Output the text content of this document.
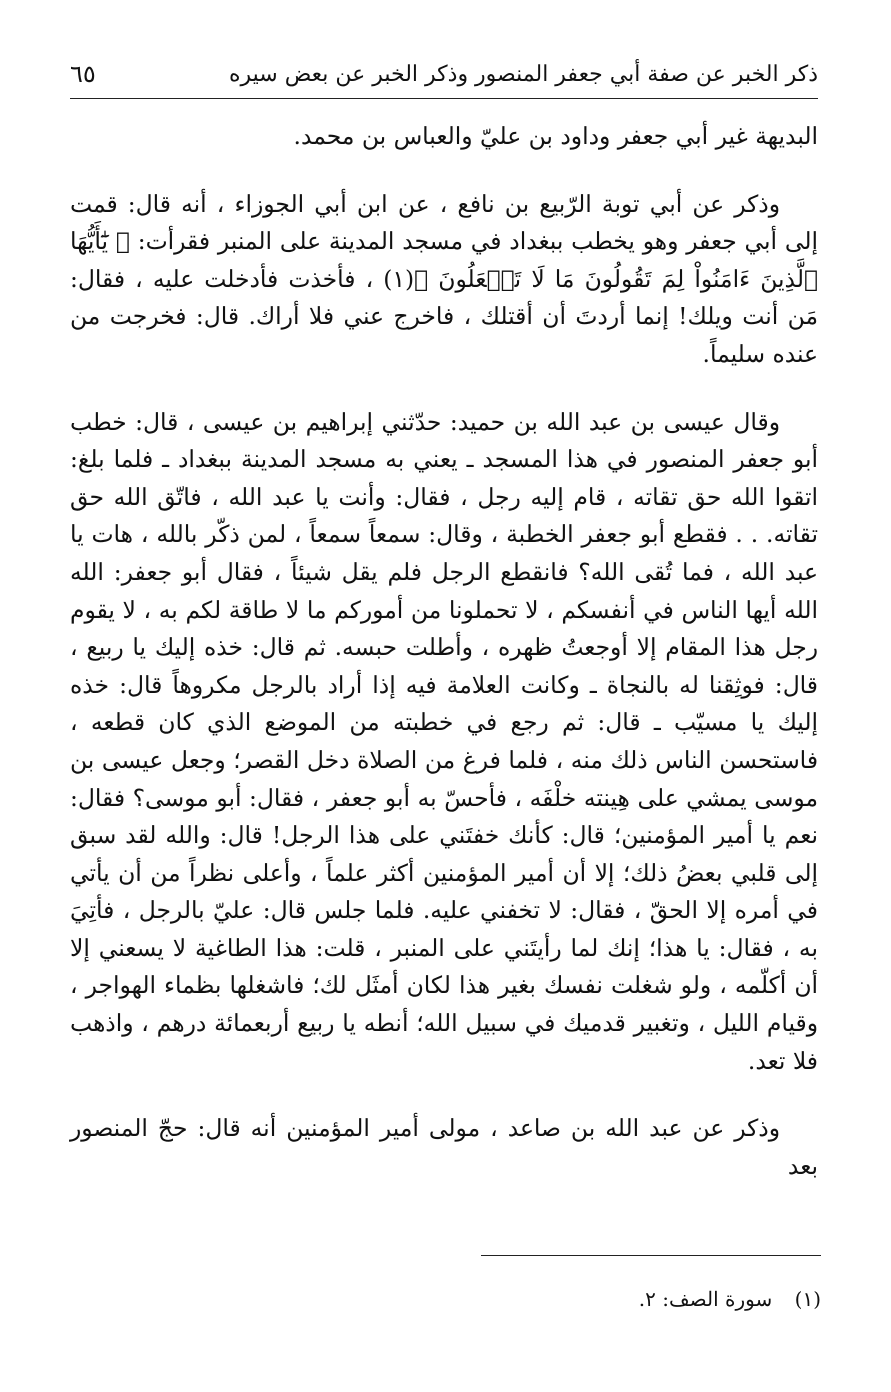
ذكر الخبر عن صفة أبي جعفر المنصور وذكر الخبر عن بعض سيره
٦٥

البديهة غير أبي جعفر وداود بن عليّ والعباس بن محمد.

وذكر عن أبي توبة الرّبيع بن نافع ، عن ابن أبي الجوزاء ، أنه قال: قمت إلى أبي جعفر وهو يخطب ببغداد في مسجد المدينة على المنبر فقرأت: ﴿ يَٰٓأَيُّهَا ٱلَّذِينَ ءَامَنُواْ لِمَ تَقُولُونَ مَا لَا تَفۡعَلُونَ ﴾(١) ، فأخذت فأدخلت عليه ، فقال: مَن أنت ويلك! إنما أردتَ أن أقتلك ، فاخرج عني فلا أراك. قال: فخرجت من عنده سليماً.

وقال عيسى بن عبد الله بن حميد: حدّثني إبراهيم بن عيسى ، قال: خطب أبو جعفر المنصور في هذا المسجد ـ يعني به مسجد المدينة ببغداد ـ فلما بلغ: اتقوا الله حق تقاته ، قام إليه رجل ، فقال: وأنت يا عبد الله ، فاتّق الله حق تقاته. . . فقطع أبو جعفر الخطبة ، وقال: سمعاً سمعاً ، لمن ذكّر بالله ، هات يا عبد الله ، فما تُقى الله؟ فانقطع الرجل فلم يقل شيئاً ، فقال أبو جعفر: الله الله أيها الناس في أنفسكم ، لا تحملونا من أموركم ما لا طاقة لكم به ، لا يقوم رجل هذا المقام إلا أوجعتُ ظهره ، وأطلت حبسه. ثم قال: خذه إليك يا ربيع ، قال: فوثِقنا له بالنجاة ـ وكانت العلامة فيه إذا أراد بالرجل مكروهاً قال: خذه إليك يا مسيّب ـ قال: ثم رجع في خطبته من الموضع الذي كان قطعه ، فاستحسن الناس ذلك منه ، فلما فرغ من الصلاة دخل القصر؛ وجعل عيسى بن موسى يمشي على هِينته خلْفَه ، فأحسّ به أبو جعفر ، فقال: أبو موسى؟ فقال: نعم يا أمير المؤمنين؛ قال: كأنك خفتَني على هذا الرجل! قال: والله لقد سبق إلى قلبي بعضُ ذلك؛ إلا أن أمير المؤمنين أكثر علماً ، وأعلى نظراً من أن يأتي في أمره إلا الحقّ ، فقال: لا تخفني عليه. فلما جلس قال: عليّ بالرجل ، فأتِيَ به ، فقال: يا هذا؛ إنك لما رأيتَني على المنبر ، قلت: هذا الطاغية لا يسعني إلا أن أكلّمه ، ولو شغلت نفسك بغير هذا لكان أمثَل لك؛ فاشغلها بظماء الهواجر ، وقيام الليل ، وتغبير قدميك في سبيل الله؛ أنطه يا ربيع أربعمائة درهم ، واذهب فلا تعد.

وذكر عن عبد الله بن صاعد ، مولى أمير المؤمنين أنه قال: حجّ المنصور بعد

(١) سورة الصف: ٢.
